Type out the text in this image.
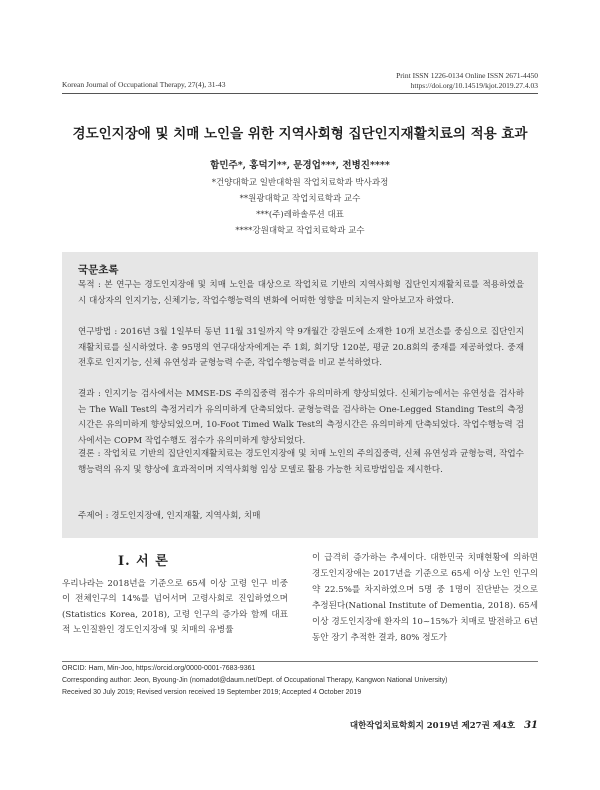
Korean Journal of Occupational Therapy, 27(4), 31-43
Print ISSN 1226-0134 Online ISSN 2671-4450
https://doi.org/10.14519/kjot.2019.27.4.03
경도인지장애 및 치매 노인을 위한 지역사회형 집단인지재활치료의 적용 효과
함민주*, 홍덕기**, 문경업***, 전병진****
*건양대학교 일반대학원 작업치료학과 박사과정
**원광대학교 작업치료학과 교수
***(주)레하솔루션 대표
****강원대학교 작업치료학과 교수
국문초록
목적 : 본 연구는 경도인지장애 및 치매 노인을 대상으로 작업치료 기반의 지역사회형 집단인지재활치료를 적용하였을 시 대상자의 인지기능, 신체기능, 작업수행능력의 변화에 어떠한 영향을 미치는지 알아보고자 하였다.
연구방법 : 2016년 3월 1일부터 동년 11월 31일까지 약 9개월간 강원도에 소재한 10개 보건소를 중심으로 집단인지재활치료를 실시하였다. 총 95명의 연구대상자에게는 주 1회, 회기당 120분, 평균 20.8회의 중재를 제공하였다. 중재 전후로 인지기능, 신체 유연성과 균형능력 수준, 작업수행능력을 비교 분석하였다.
결과 : 인지기능 검사에서는 MMSE-DS 주의집중력 점수가 유의미하게 향상되었다. 신체기능에서는 유연성을 검사하는 The Wall Test의 측정거리가 유의미하게 단축되었다. 균형능력을 검사하는 One-Legged Standing Test의 측정시간은 유의미하게 향상되었으며, 10-Foot Timed Walk Test의 측정시간은 유의미하게 단축되었다. 작업수행능력 검사에서는 COPM 작업수행도 점수가 유의미하게 향상되었다.
결론 : 작업치료 기반의 집단인지재활치료는 경도인지장애 및 치매 노인의 주의집중력, 신체 유연성과 균형능력, 작업수행능력의 유지 및 향상에 효과적이며 지역사회형 임상 모델로 활용 가능한 치료방법임을 제시한다.
주제어 : 경도인지장애, 인지재활, 지역사회, 치매
I. 서 론
우리나라는 2018년을 기준으로 65세 이상 고령 인구 비중이 전체인구의 14%를 넘어서며 고령사회로 진입하였으며(Statistics Korea, 2018), 고령 인구의 증가와 함께 대표적 노인질환인 경도인지장애 및 치매의 유병률
이 급격히 증가하는 추세이다. 대한민국 치매현황에 의하면 경도인지장애는 2017년을 기준으로 65세 이상 노인 인구의 약 22.5%를 차지하였으며 5명 중 1명이 진단받는 것으로 추정된다(National Institute of Dementia, 2018). 65세 이상 경도인지장애 환자의 10~15%가 치매로 발전하고 6년 동안 장기 추적한 결과, 80% 정도가
ORCID: Ham, Min-Joo, https://orcid.org/0000-0001-7683-9361
Corresponding author: Jeon, Byoung-Jin (nomadot@daum.net/Dept. of Occupational Therapy, Kangwon National University)
Received 30 July 2019; Revised version received 19 September 2019; Accepted 4 October 2019
대한작업치료학회지 2019년 제27권 제4호 31
